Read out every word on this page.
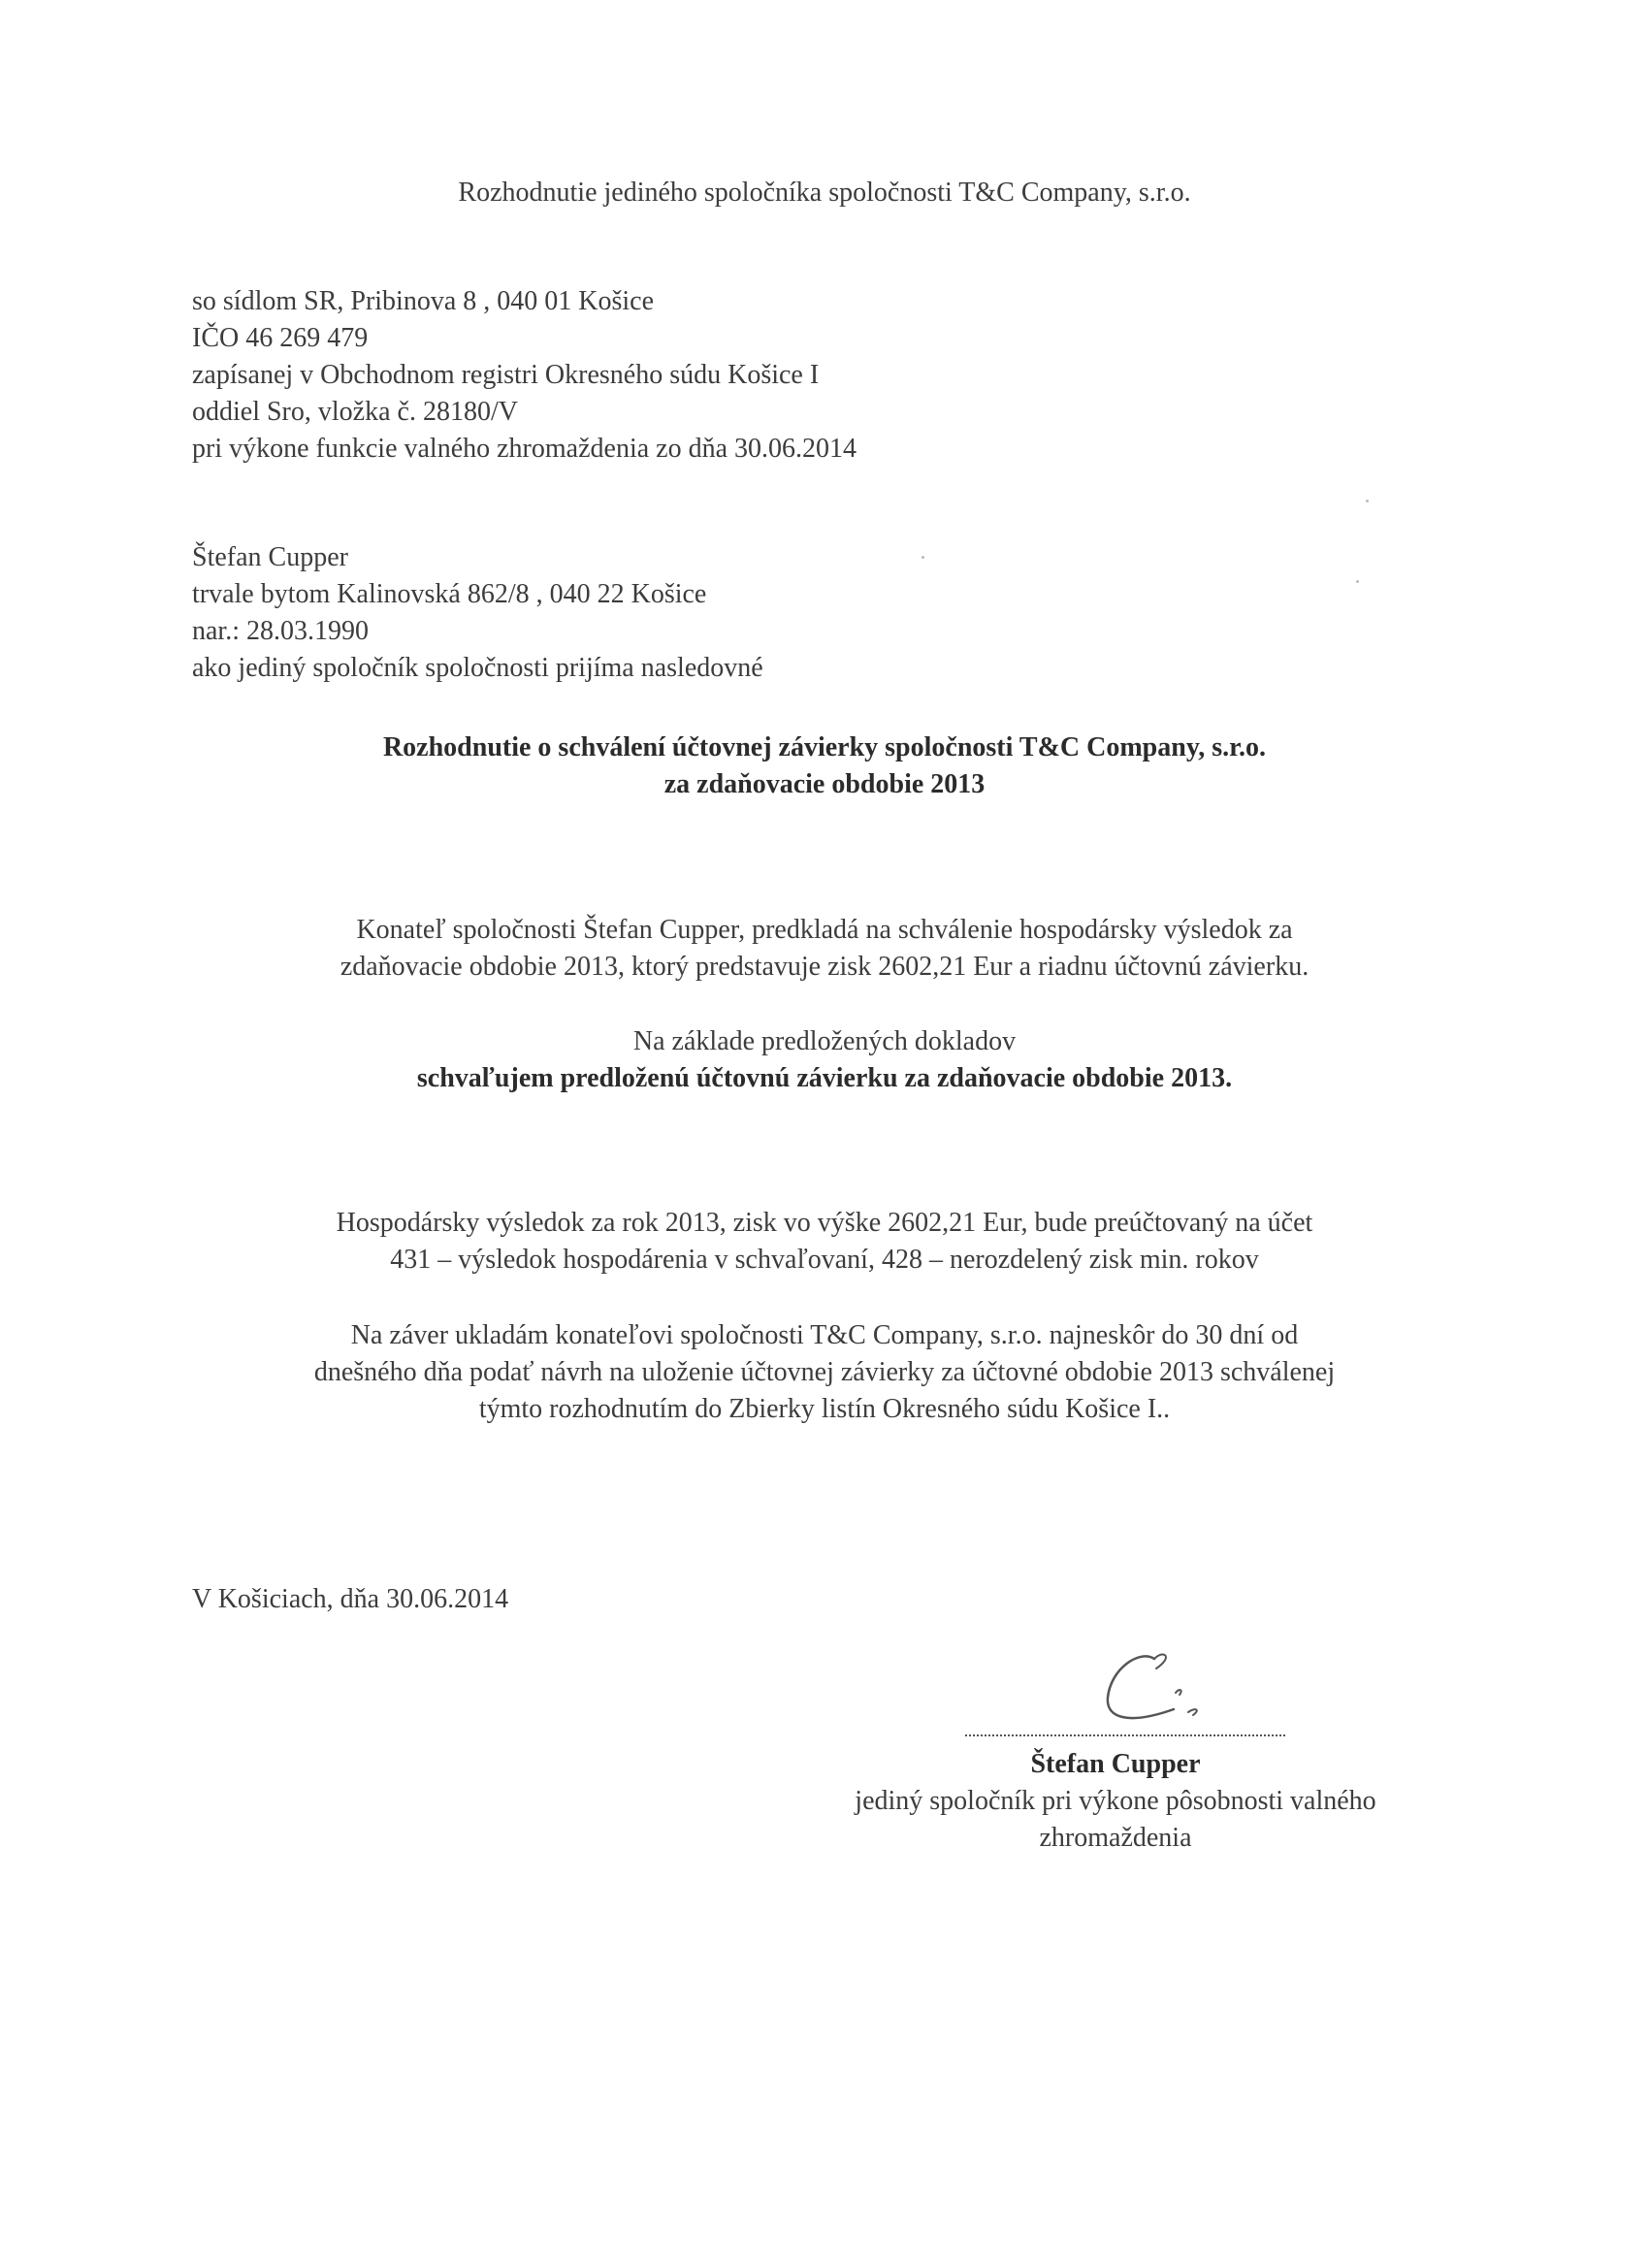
Rozhodnutie jediného spoločníka spoločnosti T&C Company, s.r.o.
so sídlom SR, Pribinova 8 , 040 01 Košice
IČO 46 269 479
zapísanej v Obchodnom registri Okresného súdu Košice I
oddiel Sro, vložka č. 28180/V
pri výkone funkcie valného zhromaždenia zo dňa 30.06.2014
Štefan Cupper
trvale bytom Kalinovská 862/8 , 040 22 Košice
nar.: 28.03.1990
ako jediný spoločník spoločnosti prijíma nasledovné
Rozhodnutie o schválení účtovnej závierky spoločnosti T&C Company, s.r.o.
za zdaňovacie obdobie 2013
Konateľ spoločnosti Štefan Cupper, predkladá na schválenie hospodársky výsledok za
zdaňovacie obdobie 2013, ktorý predstavuje zisk 2602,21 Eur a riadnu účtovnú závierku.
Na základe predložených dokladov
schvaľujem predloženú účtovnú závierku za zdaňovacie obdobie 2013.
Hospodársky výsledok za rok 2013, zisk vo výške 2602,21 Eur, bude preúčtovaný na účet
431 – výsledok hospodárenia v schvaľovaní, 428 – nerozdelený zisk min. rokov
Na záver ukladám konateľovi spoločnosti T&C Company, s.r.o. najneskôr do 30 dní od
dnešného dňa podať návrh na uloženie účtovnej závierky za účtovné obdobie 2013 schválenej
týmto rozhodnutím do Zbierky listín Okresného súdu Košice I..
V Košiciach, dňa 30.06.2014
Štefan Cupper
jediný spoločník pri výkone pôsobnosti valného
zhromaždenia
